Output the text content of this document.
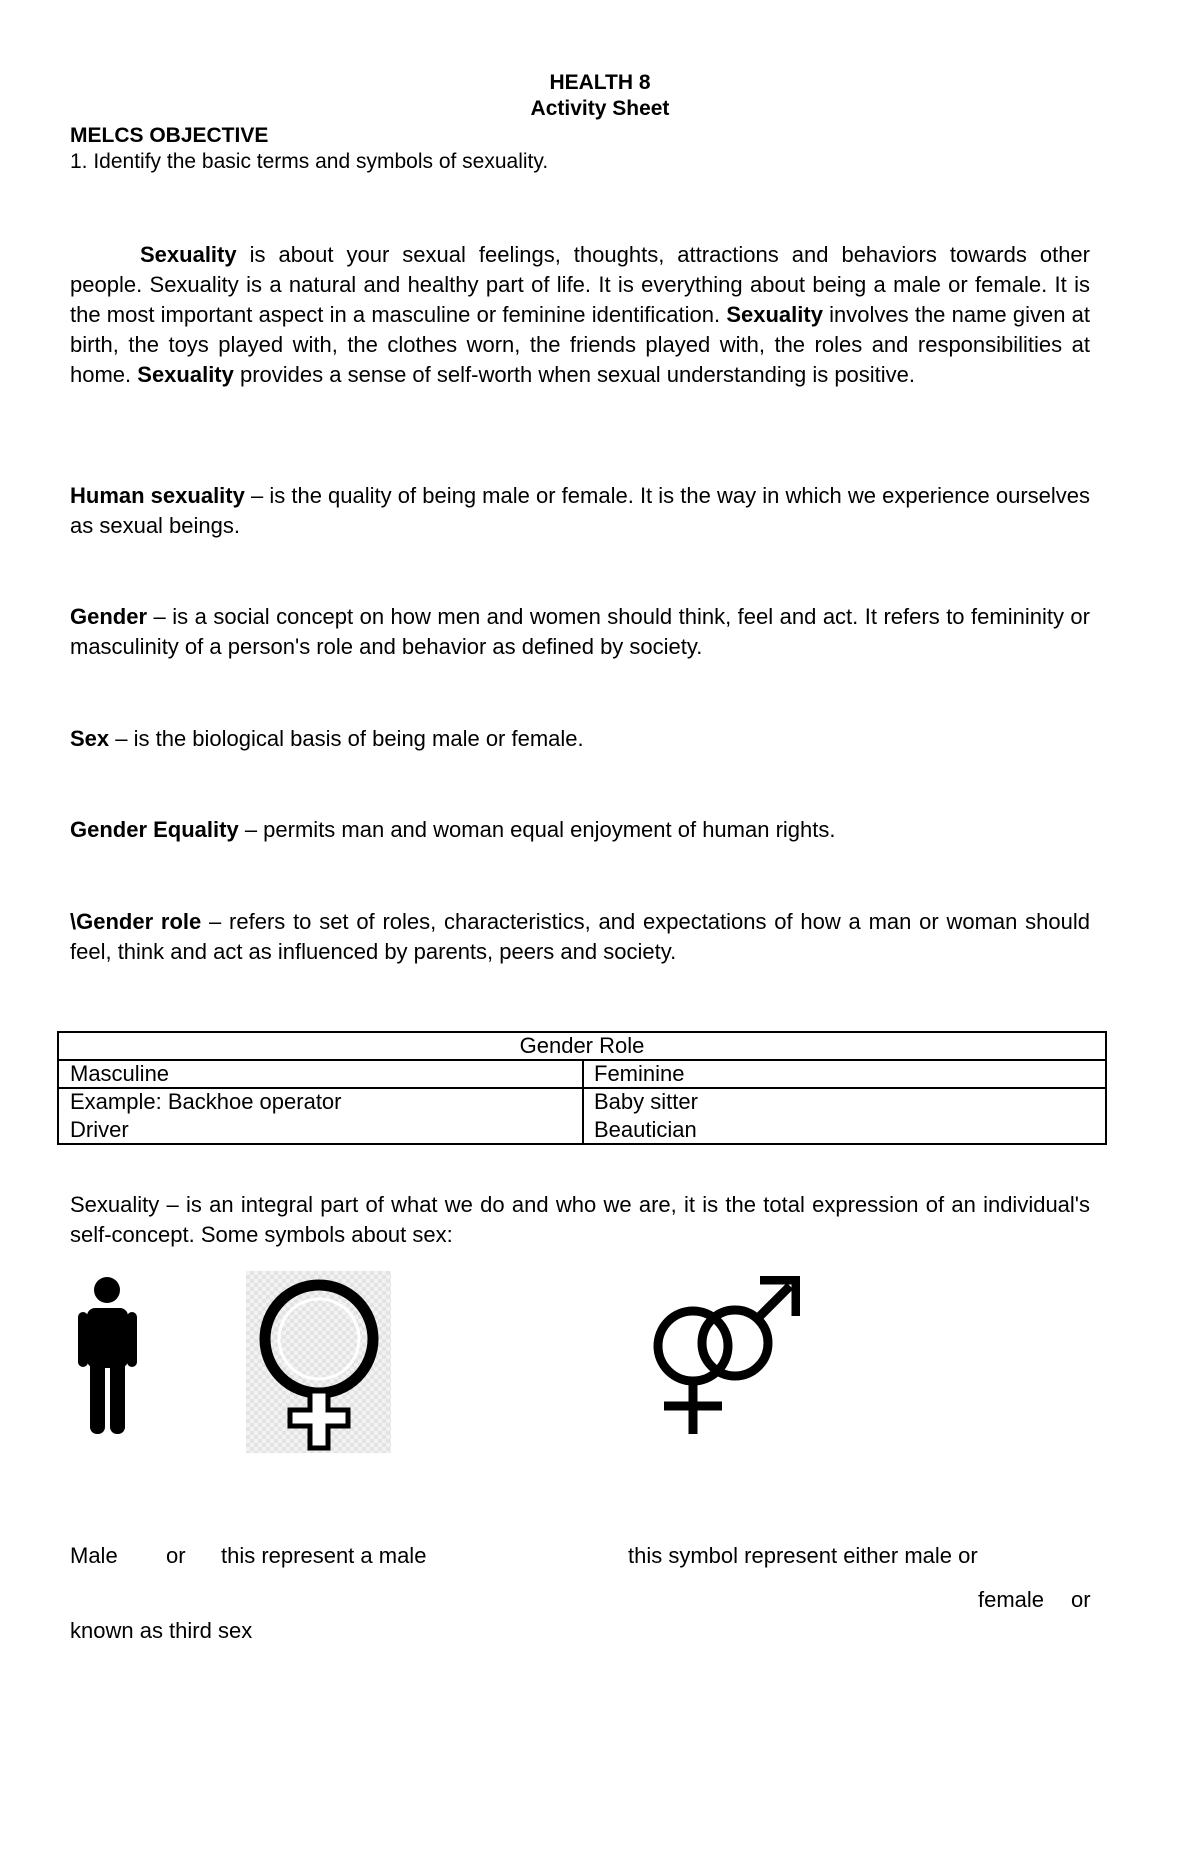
HEALTH 8
Activity Sheet
MELCS OBJECTIVE
1. Identify the basic terms and symbols of sexuality.
Sexuality is about your sexual feelings, thoughts, attractions and behaviors towards other people. Sexuality is a natural and healthy part of life. It is everything about being a male or female. It is the most important aspect in a masculine or feminine identification. Sexuality involves the name given at birth, the toys played with, the clothes worn, the friends played with, the roles and responsibilities at home. Sexuality provides a sense of self-worth when sexual understanding is positive.
Human sexuality – is the quality of being male or female. It is the way in which we experience ourselves as sexual beings.
Gender – is a social concept on how men and women should think, feel and act. It refers to femininity or masculinity of a person's role and behavior as defined by society.
Sex – is the biological basis of being male or female.
Gender Equality – permits man and woman equal enjoyment of human rights.
\Gender role – refers to set of roles, characteristics, and expectations of how a man or woman should feel, think and act as influenced by parents, peers and society.
Gender Role
Masculine	Feminine
Example: Backhoe operator
Driver
Baby sitter
Beautician
Sexuality – is an integral part of what we do and who we are, it is the total expression of an individual's self-concept. Some symbols about sex:
Male or this represent a male	this symbol represent either male or
female or
known as third sex
